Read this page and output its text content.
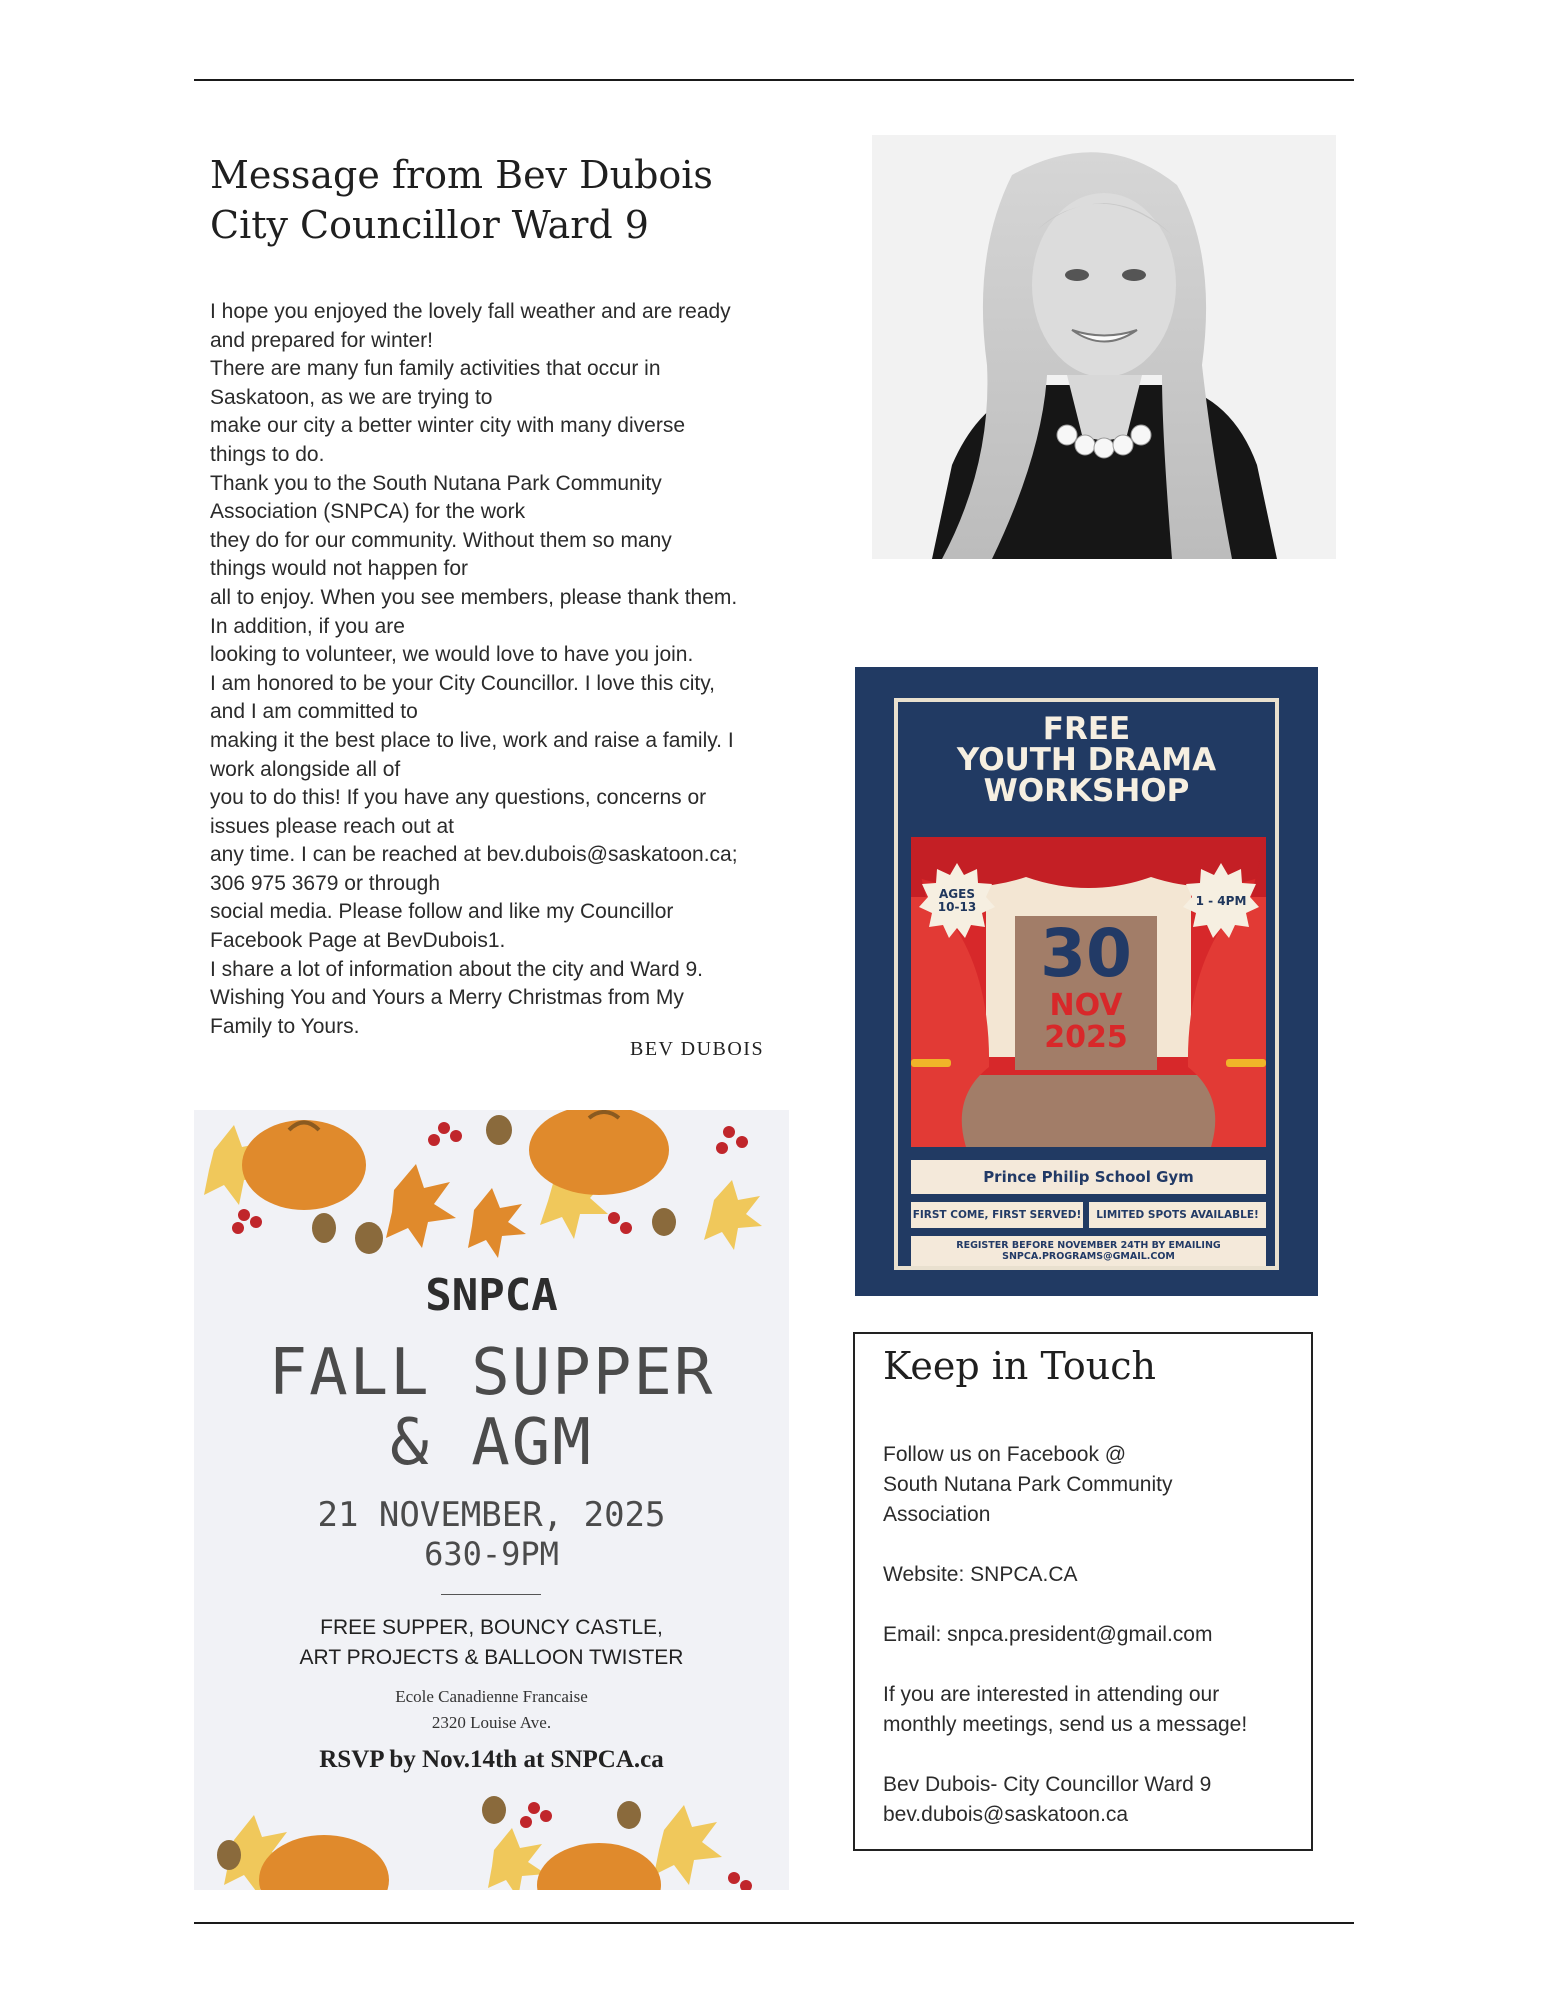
Message from Bev Dubois
City Councillor Ward 9
I hope you enjoyed the lovely fall weather and are ready
and prepared for winter!
There are many fun family activities that occur in
Saskatoon, as we are trying to
make our city a better winter city with many diverse
things to do.
Thank you to the South Nutana Park Community
Association (SNPCA) for the work
they do for our community. Without them so many
things would not happen for
all to enjoy. When you see members, please thank them.
In addition, if you are
looking to volunteer, we would love to have you join.
I am honored to be your City Councillor. I love this city,
and I am committed to
making it the best place to live, work and raise a family. I
work alongside all of
you to do this! If you have any questions, concerns or
issues please reach out at
any time. I can be reached at bev.dubois@saskatoon.ca;
306 975 3679 or through
social media. Please follow and like my Councillor
Facebook Page at BevDubois1.
I share a lot of information about the city and Ward 9.
Wishing You and Yours a Merry Christmas from My
Family to Yours.
BEV DUBOIS
FREE
YOUTH DRAMA
WORKSHOP
AGES
10-13	1 - 4PM
30
NOV
2025
Prince Philip School Gym
FIRST COME, FIRST SERVED!	LIMITED SPOTS AVAILABLE!
REGISTER BEFORE NOVEMBER 24TH BY EMAILING
SNPCA.PROGRAMS@GMAIL.COM
SNPCA
FALL SUPPER
& AGM
21 NOVEMBER, 2025
630-9PM
FREE SUPPER, BOUNCY CASTLE,
ART PROJECTS & BALLOON TWISTER
Ecole Canadienne Francaise
2320 Louise Ave.
RSVP by Nov.14th at SNPCA.ca
Keep in Touch
Follow us on Facebook @
South Nutana Park Community
Association
Website: SNPCA.CA
Email: snpca.president@gmail.com
If you are interested in attending our
monthly meetings, send us a message!
Bev Dubois- City Councillor Ward 9
bev.dubois@saskatoon.ca
